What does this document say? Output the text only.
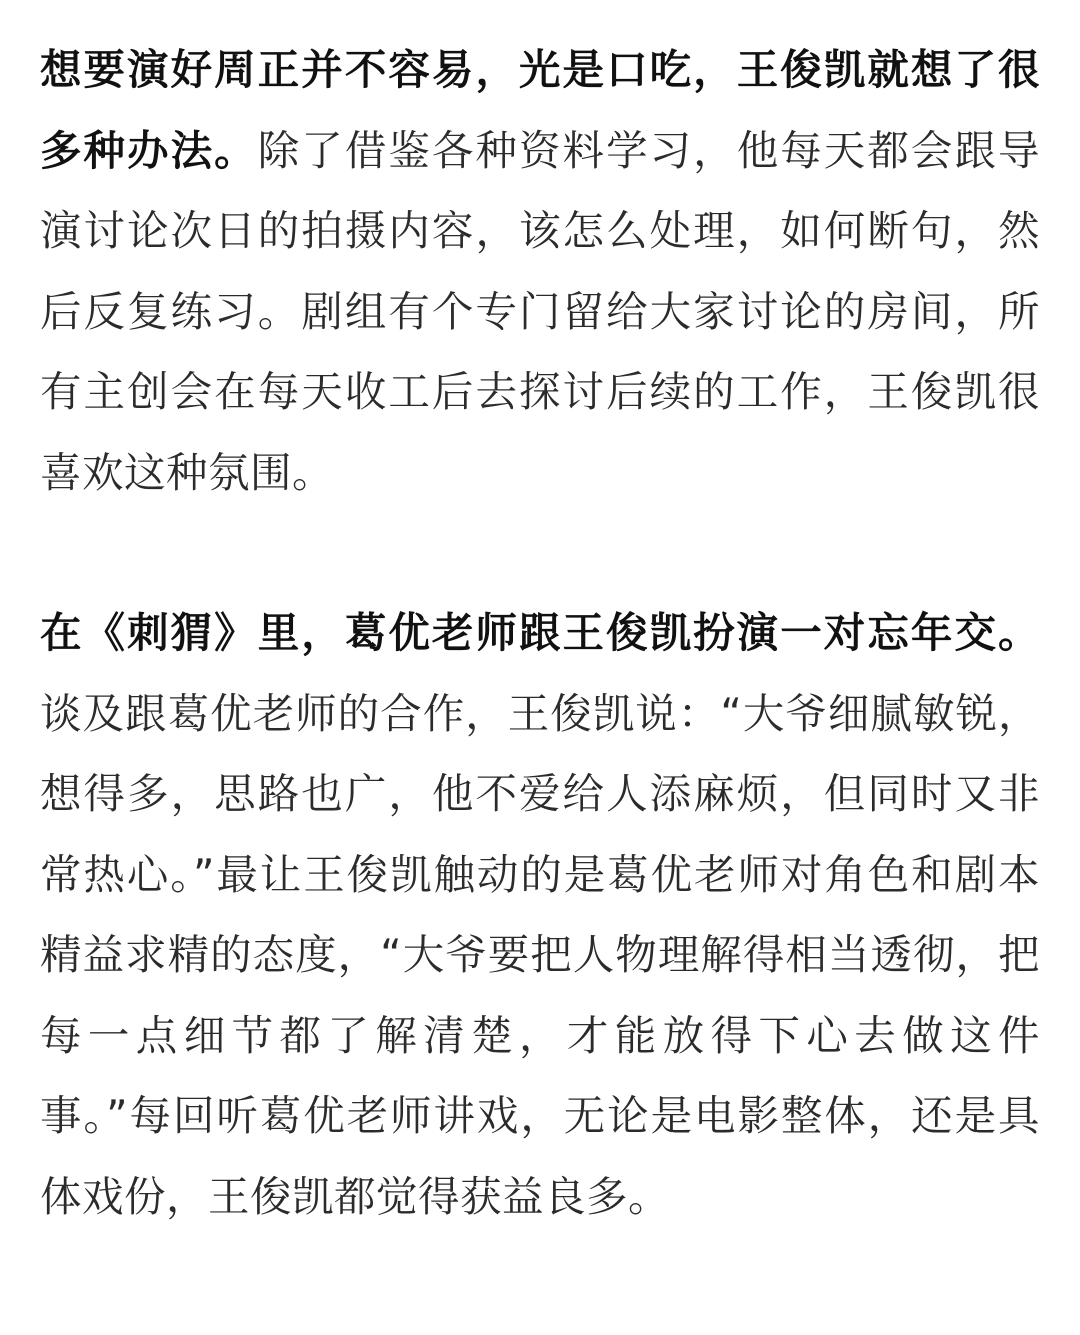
想要演好周正并不容易，光是口吃，王俊凯就想了很多种办法。除了借鉴各种资料学习，他每天都会跟导演讨论次日的拍摄内容，该怎么处理，如何断句，然后反复练习。剧组有个专门留给大家讨论的房间，所有主创会在每天收工后去探讨后续的工作，王俊凯很喜欢这种氛围。

在《刺猬》里，葛优老师跟王俊凯扮演一对忘年交。谈及跟葛优老师的合作，王俊凯说：“大爷细腻敏锐，想得多，思路也广，他不爱给人添麻烦，但同时又非常热心。”最让王俊凯触动的是葛优老师对角色和剧本精益求精的态度，“大爷要把人物理解得相当透彻，把每一点细节都了解清楚，才能放得下心去做这件事。”每回听葛优老师讲戏，无论是电影整体，还是具体戏份，王俊凯都觉得获益良多。
